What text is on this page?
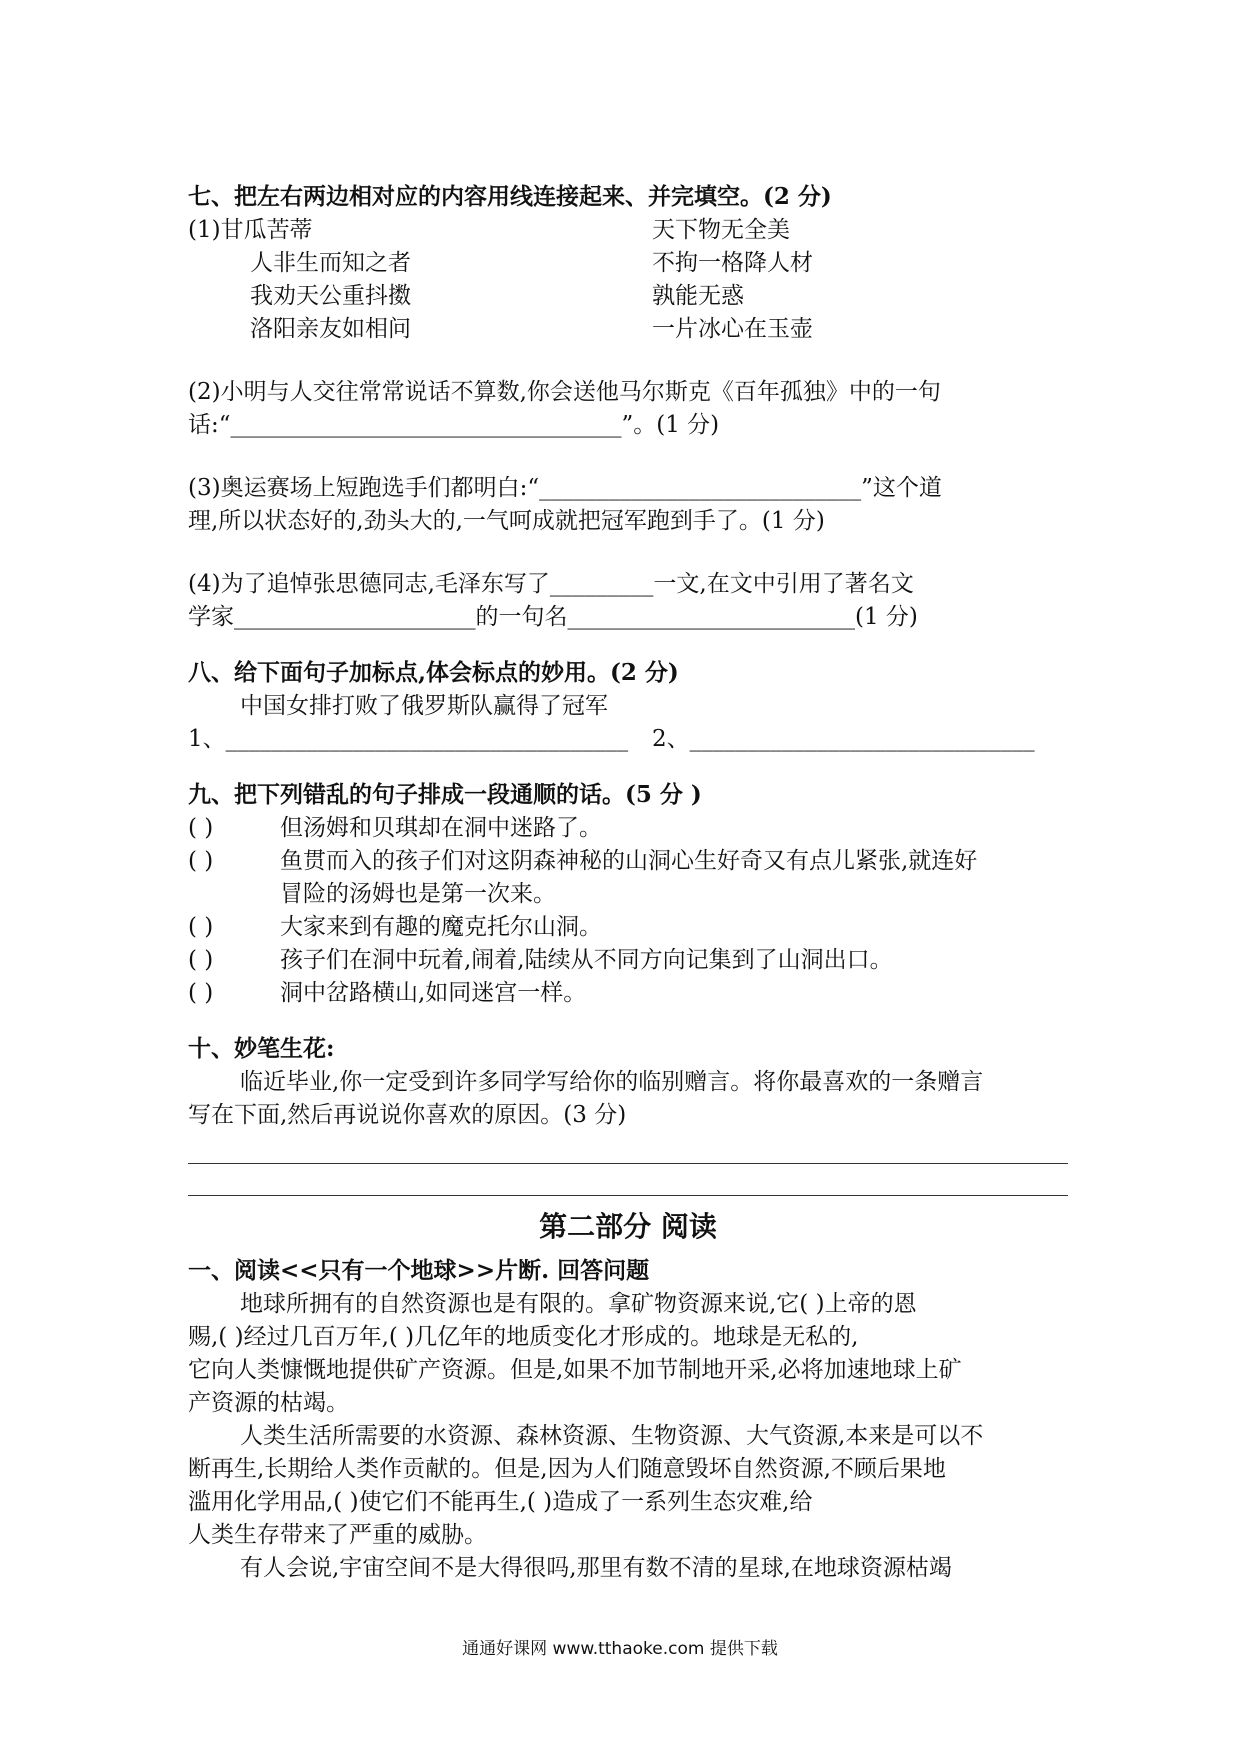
七、把左右两边相对应的内容用线连接起来、并完填空。(2 分)

(1)甘瓜苦蒂	天下物无全美
人非生而知之者	不拘一格降人材
我劝天公重抖擞	孰能无惑
洛阳亲友如相问	一片冰心在玉壶

(2)小明与人交往常常说话不算数,你会送他马尔斯克《百年孤独》中的一句

话:“__________________________________”。(1 分)

(3)奥运赛场上短跑选手们都明白:“____________________________”这个道

理,所以状态好的,劲头大的,一气呵成就把冠军跑到手了。(1 分)

(4)为了追悼张思德同志,毛泽东写了_________一文,在文中引用了著名文

学家_____________________的一句名_________________________(1 分)

八、给下面句子加标点,体会标点的妙用。(2 分)

中国女排打败了俄罗斯队赢得了冠军

1、___________________________________	2、______________________________

九、把下列错乱的句子排成一段通顺的话。(5 分 )

( )	但汤姆和贝琪却在洞中迷路了。
( )	鱼贯而入的孩子们对这阴森神秘的山洞心生好奇又有点儿紧张,就连好

冒险的汤姆也是第一次来。

( )	大家来到有趣的魔克托尔山洞。
( )	孩子们在洞中玩着,闹着,陆续从不同方向记集到了山洞出口。
( )	洞中岔路横山,如同迷宫一样。

十、妙笔生花:

临近毕业,你一定受到许多同学写给你的临别赠言。将你最喜欢的一条赠言

写在下面,然后再说说你喜欢的原因。(3 分)

第二部分 阅读

一、阅读<<只有一个地球>>片断. 回答问题

地球所拥有的自然资源也是有限的。拿矿物资源来说,它( )上帝的恩

赐,( )经过几百万年,( )几亿年的地质变化才形成的。地球是无私的,

它向人类慷慨地提供矿产资源。但是,如果不加节制地开采,必将加速地球上矿

产资源的枯竭。

人类生活所需要的水资源、森林资源、生物资源、大气资源,本来是可以不

断再生,长期给人类作贡献的。但是,因为人们随意毁坏自然资源,不顾后果地

滥用化学用品,( )使它们不能再生,( )造成了一系列生态灾难,给

人类生存带来了严重的威胁。

有人会说,宇宙空间不是大得很吗,那里有数不清的星球,在地球资源枯竭

通通好课网 www.tthaoke.com 提供下载
